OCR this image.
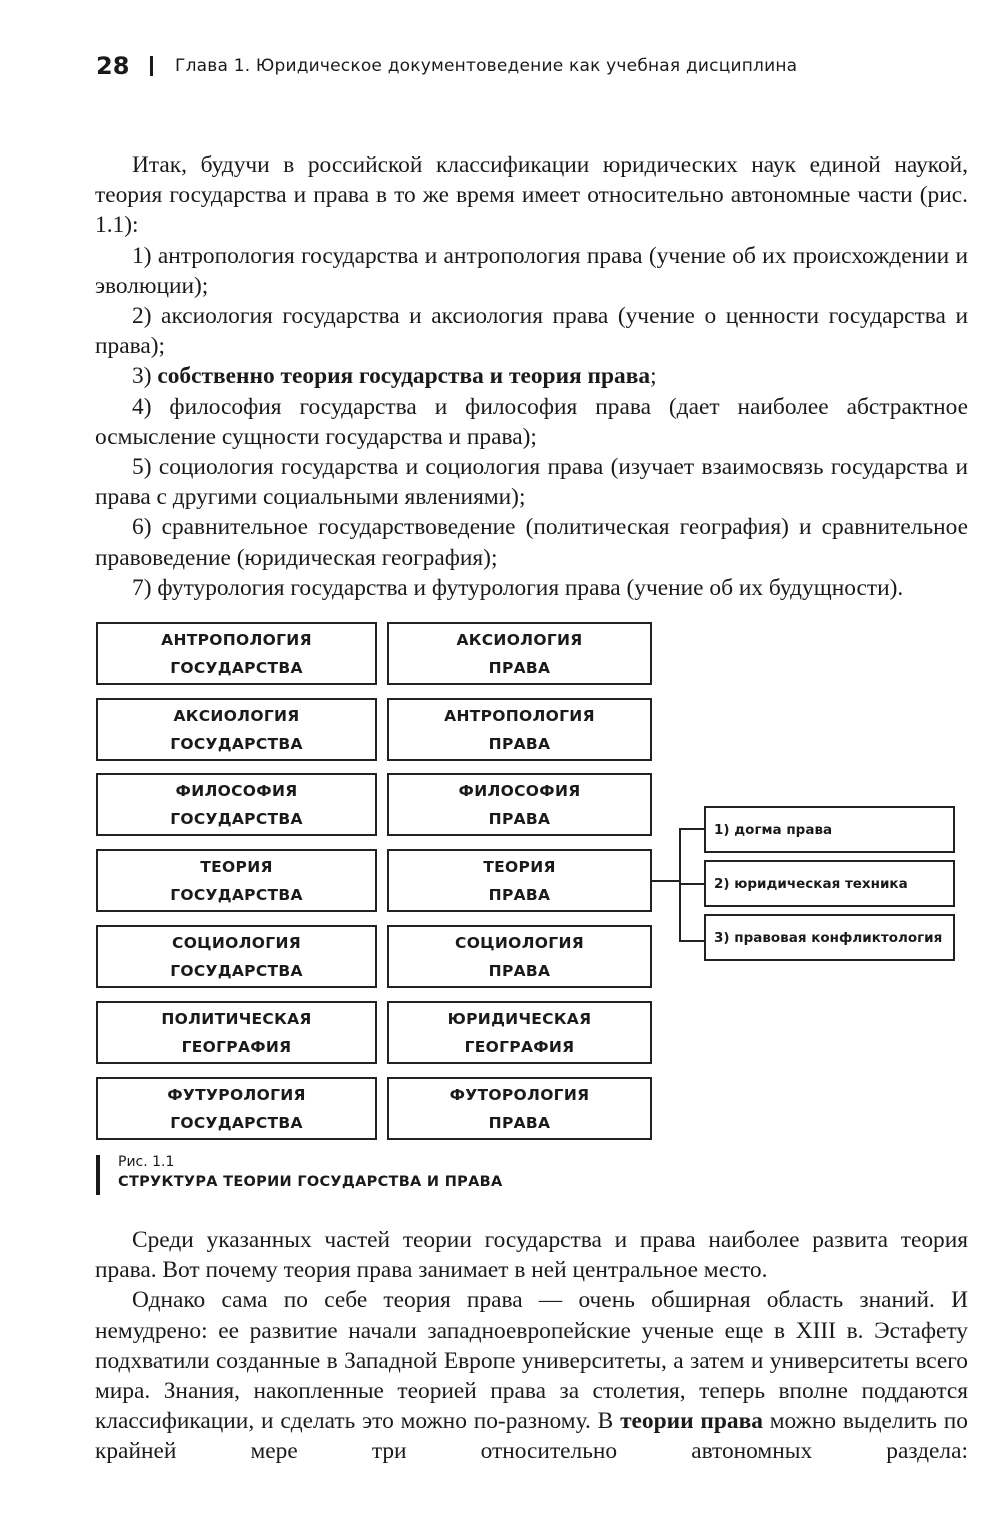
28	Глава 1. Юридическое документоведение как учебная дисциплина

Итак, будучи в российской классификации юридических наук единой наукой, теория государства и права в то же время имеет относительно автономные части (рис. 1.1):

1) антропология государства и антропология права (учение об их происхождении и эволюции);

2) аксиология государства и аксиология права (учение о ценности государства и права);

3) собственно теория государства и теория права;

4) философия государства и философия права (дает наиболее абстрактное осмысление сущности государства и права);

5) социология государства и социология права (изучает взаимосвязь государства и права с другими социальными явлениями);

6) сравнительное государствоведение (политическая география) и сравнительное правоведение (юридическая география);

7) футурология государства и футурология права (учение об их будущности).

АНТРОПОЛОГИЯ
ГОСУДАРСТВА
АКСИОЛОГИЯ
ГОСУДАРСТВА
ФИЛОСОФИЯ
ГОСУДАРСТВА
ТЕОРИЯ
ГОСУДАРСТВА
СОЦИОЛОГИЯ
ГОСУДАРСТВА
ПОЛИТИЧЕСКАЯ
ГЕОГРАФИЯ
ФУТУРОЛОГИЯ
ГОСУДАРСТВА
АКСИОЛОГИЯ
ПРАВА
АНТРОПОЛОГИЯ
ПРАВА
ФИЛОСОФИЯ
ПРАВА
ТЕОРИЯ
ПРАВА
СОЦИОЛОГИЯ
ПРАВА
ЮРИДИЧЕСКАЯ
ГЕОГРАФИЯ
ФУТОРОЛОГИЯ
ПРАВА
1) догма права
2) юридическая техника
3) правовая конфликтология
Рис. 1.1
СТРУКТУРА ТЕОРИИ ГОСУДАРСТВА И ПРАВА

Среди указанных частей теории государства и права наиболее развита теория права. Вот почему теория права занимает в ней центральное место.

Однако сама по себе теория права — очень обширная область знаний. И немудрено: ее развитие начали западноевропейские ученые еще в XIII в. Эстафету подхватили созданные в Западной Европе университеты, а затем и университеты всего мира. Знания, накопленные теорией права за столетия, теперь вполне поддаются классификации, и сделать это можно по-разному. В теории права можно выделить по крайней мере три относительно автономных раздела:
